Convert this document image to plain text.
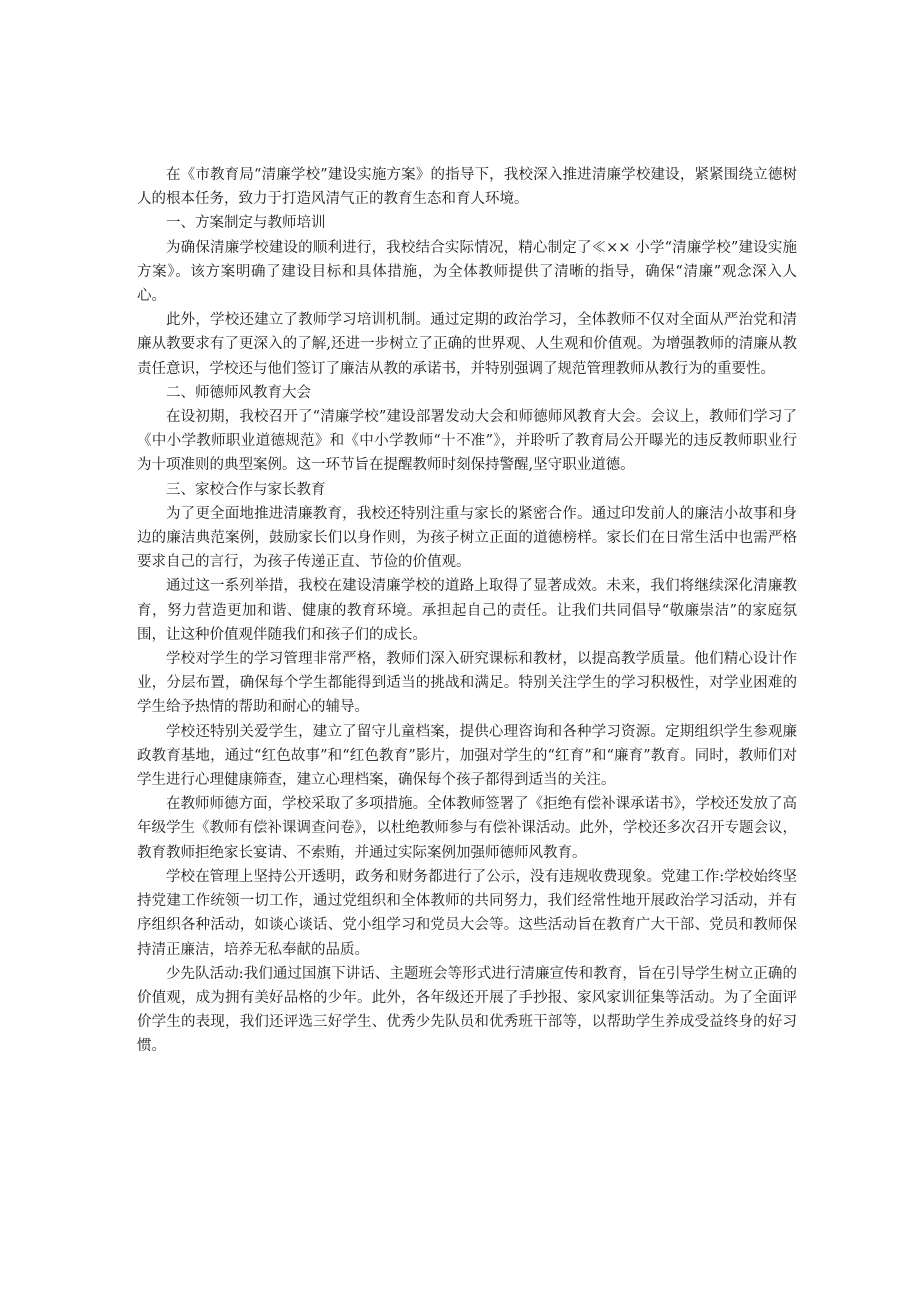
在《市教育局“清廉学校”建设实施方案》的指导下，我校深入推进清廉学校建设，紧紧围绕立德树人的根本任务，致力于打造风清气正的教育生态和育人环境。

一、方案制定与教师培训

为确保清廉学校建设的顺利进行，我校结合实际情况，精心制定了≪×× 小学“清廉学校”建设实施方案》。该方案明确了建设目标和具体措施，为全体教师提供了清晰的指导，确保“清廉”观念深入人心。

此外，学校还建立了教师学习培训机制。通过定期的政治学习，全体教师不仅对全面从严治党和清廉从教要求有了更深入的了解,还进一步树立了正确的世界观、人生观和价值观。为增强教师的清廉从教责任意识，学校还与他们签订了廉洁从教的承诺书，并特别强调了规范管理教师从教行为的重要性。

二、师德师风教育大会

在设初期，我校召开了“清廉学校”建设部署发动大会和师德师风教育大会。会议上，教师们学习了《中小学教师职业道德规范》和《中小学教师“十不准”》，并聆听了教育局公开曝光的违反教师职业行为十项准则的典型案例。这一环节旨在提醒教师时刻保持警醒,坚守职业道德。

三、家校合作与家长教育

为了更全面地推进清廉教育，我校还特别注重与家长的紧密合作。通过印发前人的廉洁小故事和身边的廉洁典范案例，鼓励家长们以身作则，为孩子树立正面的道德榜样。家长们在日常生活中也需严格要求自己的言行，为孩子传递正直、节俭的价值观。

通过这一系列举措，我校在建设清廉学校的道路上取得了显著成效。未来，我们将继续深化清廉教育，努力营造更加和谐、健康的教育环境。承担起自己的责任。让我们共同倡导“敬廉崇洁”的家庭氛围，让这种价值观伴随我们和孩子们的成长。

学校对学生的学习管理非常严格，教师们深入研究课标和教材，以提高教学质量。他们精心设计作业，分层布置，确保每个学生都能得到适当的挑战和满足。特别关注学生的学习积极性，对学业困难的学生给予热情的帮助和耐心的辅导。

学校还特别关爱学生，建立了留守儿童档案，提供心理咨询和各种学习资源。定期组织学生参观廉政教育基地，通过“红色故事”和“红色教育”影片，加强对学生的“红育”和“廉育”教育。同时，教师们对学生进行心理健康筛查，建立心理档案，确保每个孩子都得到适当的关注。

在教师师德方面，学校采取了多项措施。全体教师签署了《拒绝有偿补课承诺书》，学校还发放了高年级学生《教师有偿补课调查问卷》，以杜绝教师参与有偿补课活动。此外，学校还多次召开专题会议，教育教师拒绝家长宴请、不索贿，并通过实际案例加强师德师风教育。

学校在管理上坚持公开透明，政务和财务都进行了公示，没有违规收费现象。党建工作:学校始终坚持党建工作统领一切工作，通过党组织和全体教师的共同努力，我们经常性地开展政治学习活动，并有序组织各种活动，如谈心谈话、党小组学习和党员大会等。这些活动旨在教育广大干部、党员和教师保持清正廉洁，培养无私奉献的品质。

少先队活动:我们通过国旗下讲话、主题班会等形式进行清廉宣传和教育，旨在引导学生树立正确的价值观，成为拥有美好品格的少年。此外，各年级还开展了手抄报、家风家训征集等活动。为了全面评价学生的表现，我们还评选三好学生、优秀少先队员和优秀班干部等，以帮助学生养成受益终身的好习惯。
